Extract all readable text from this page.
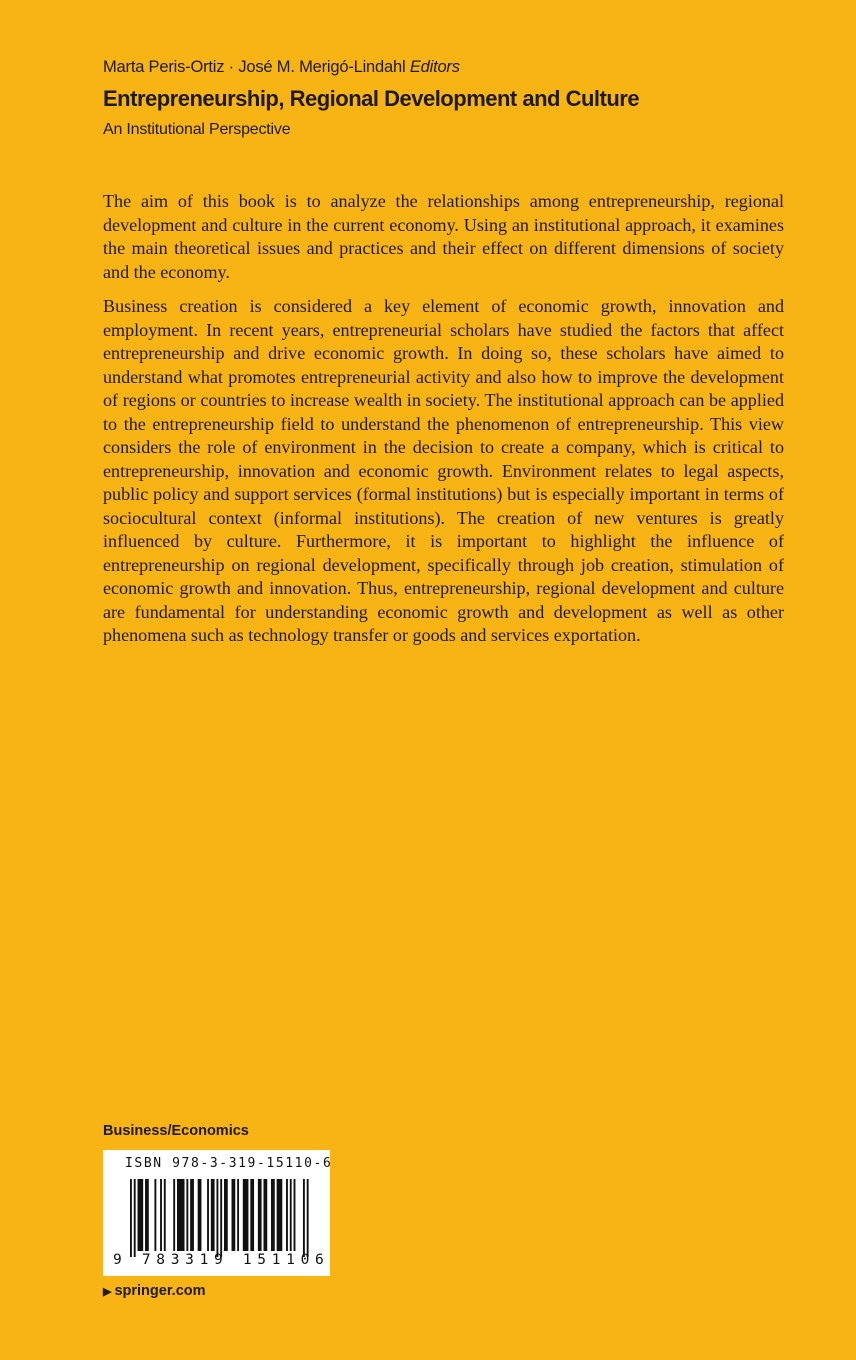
Marta Peris-Ortiz · José M. Merigó-Lindahl Editors
Entrepreneurship, Regional Development and Culture
An Institutional Perspective

The aim of this book is to analyze the relationships among entrepreneurship, regional development and culture in the current economy. Using an institutional approach, it examines the main theoretical issues and practices and their effect on different dimensions of society and the economy.

Business creation is considered a key element of economic growth, innovation and employment. In recent years, entrepreneurial scholars have studied the factors that affect entrepreneurship and drive economic growth. In doing so, these scholars have aimed to understand what promotes entrepreneurial activity and also how to improve the development of regions or countries to increase wealth in society. The institutional approach can be applied to the entrepreneurship field to understand the phenomenon of entrepreneurship. This view considers the role of environment in the decision to create a company, which is critical to entrepreneurship, innovation and economic growth. Environment relates to legal aspects, public policy and support services (formal institutions) but is especially important in terms of sociocultural context (informal institutions). The creation of new ventures is greatly influenced by culture. Furthermore, it is important to highlight the influence of entrepreneurship on regional development, specifically through job creation, stimulation of economic growth and innovation. Thus, entrepreneurship, regional development and culture are fundamental for understanding economic growth and development as well as other phenomena such as technology transfer or goods and services exportation.

Business/Economics
ISBN 978-3-319-15110-6
9 783319 151106
▶ springer.com
